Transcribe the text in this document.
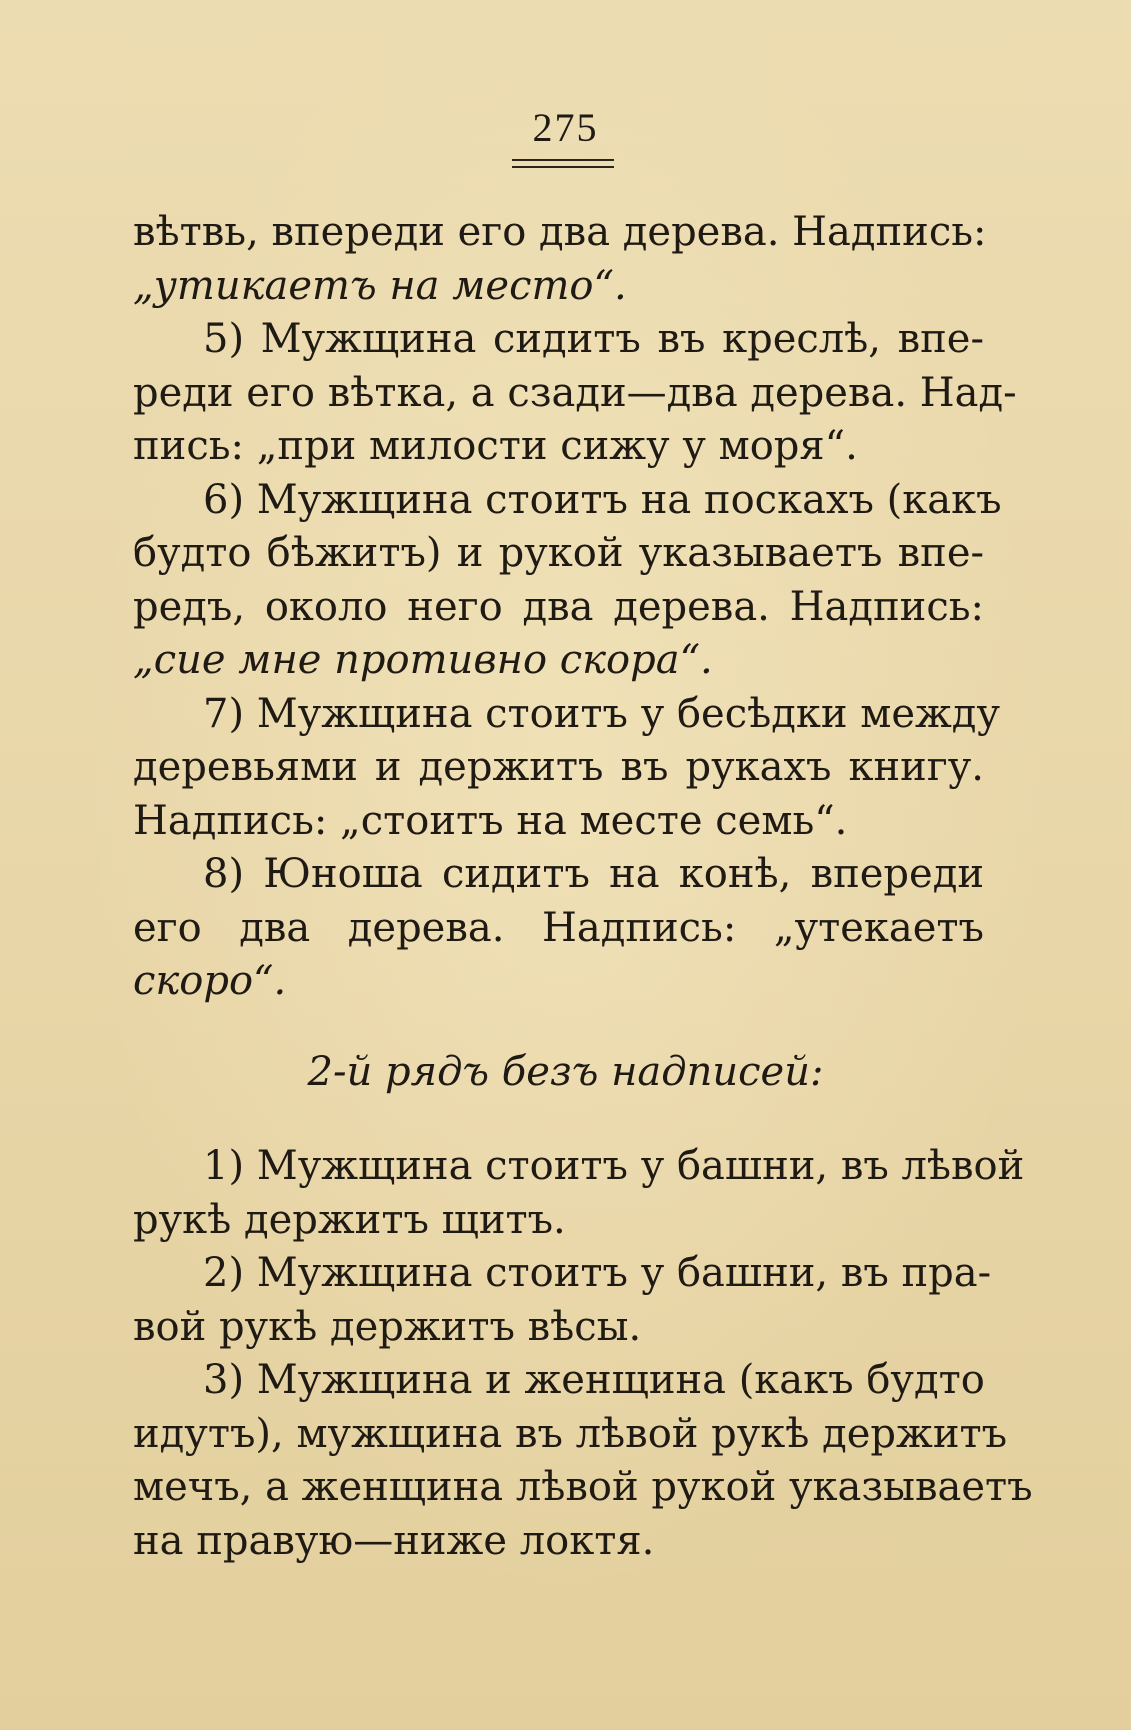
275
вѣтвь, впереди его два дерева. Надпись:
„утикаетъ на место“.
5) Мужщина сидитъ въ креслѣ, впе-
реди его вѣтка, а сзади—два дерева. Над-
пись: „при милости сижу у моря“.
6) Мужщина стоитъ на поскахъ (какъ
будто бѣжитъ) и рукой указываетъ впе-
редъ, около него два дерева. Надпись:
„сие мне противно скора“.
7) Мужщина стоитъ у бесѣдки между
деревьями и держитъ въ рукахъ книгу.
Надпись: „стоитъ на месте семь“.
8) Юноша сидитъ на конѣ, впереди
его два дерева. Надпись: „утекаетъ
скоро“.
2-й рядъ безъ надписей:
1) Мужщина стоитъ у башни, въ лѣвой
рукѣ держитъ щитъ.
2) Мужщина стоитъ у башни, въ пра-
вой рукѣ держитъ вѣсы.
3) Мужщина и женщина (какъ будто
идутъ), мужщина въ лѣвой рукѣ держитъ
мечъ, а женщина лѣвой рукой указываетъ
на правую—ниже локтя.
